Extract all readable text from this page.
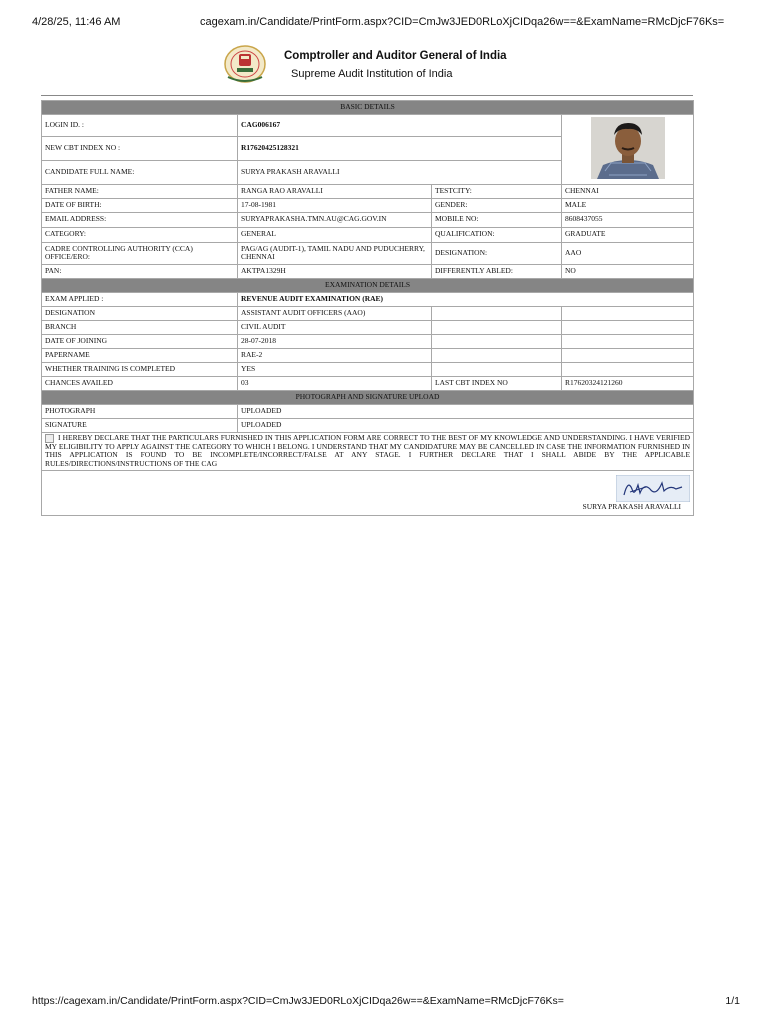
4/28/25, 11:46 AM	cagexam.in/Candidate/PrintForm.aspx?CID=CmJw3JED0RLoXjCIDqa26w==&ExamName=RMcDjcF76Ks=
Comptroller and Auditor General of India
Supreme Audit Institution of India
BASIC DETAILS			
LOGIN ID. :	CAG006167	
NEW CBT INDEX NO :	R17620425128321		
CANDIDATE FULL NAME:	SURYA PRAKASH ARAVALLI		
FATHER NAME:	RANGA RAO ARAVALLI	TESTCITY:	CHENNAI
DATE OF BIRTH:	17-08-1981	GENDER:	MALE
EMAIL ADDRESS:	SURYAPRAKASHA.TMN.AU@CAG.GOV.IN	MOBILE NO:	8608437055
CATEGORY:	GENERAL	QUALIFICATION:	GRADUATE
CADRE CONTROLLING AUTHORITY (CCA) OFFICE/ERO:	PAG/AG (AUDIT-1), TAMIL NADU AND PUDUCHERRY, CHENNAI	DESIGNATION:	AAO
PAN:	AKTPA1329H	DIFFERENTLY ABLED:	NO
EXAMINATION DETAILS			
EXAM APPLIED :	REVENUE AUDIT EXAMINATION (RAE)		
DESIGNATION	ASSISTANT AUDIT OFFICERS (AAO)		
BRANCH	CIVIL AUDIT		
DATE OF JOINING	28-07-2018		
PAPERNAME	RAE-2		
WHETHER TRAINING IS COMPLETED	YES		
CHANCES AVAILED	03	LAST CBT INDEX NO	R17620324121260
PHOTOGRAPH AND SIGNATURE UPLOAD			
PHOTOGRAPH	UPLOADED		
SIGNATURE	UPLOADED		
I HEREBY DECLARE THAT THE PARTICULARS FURNISHED IN THIS APPLICATION FORM ARE CORRECT TO THE BEST OF MY KNOWLEDGE AND UNDERSTANDING. I HAVE VERIFIED MY ELIGIBILITY TO APPLY AGAINST THE CATEGORY TO WHICH I BELONG. I UNDERSTAND THAT MY CANDIDATURE MAY BE CANCELLED IN CASE THE INFORMATION FURNISHED IN THIS APPLICATION IS FOUND TO BE INCOMPLETE/INCORRECT/FALSE AT ANY STAGE. I FURTHER DECLARE THAT I SHALL ABIDE BY THE APPLICABLE RULES/DIRECTIONS/INSTRUCTIONS OF THE CAG			

SURYA PRAKASH ARAVALLI			
https://cagexam.in/Candidate/PrintForm.aspx?CID=CmJw3JED0RLoXjCIDqa26w==&ExamName=RMcDjcF76Ks=	1/1
